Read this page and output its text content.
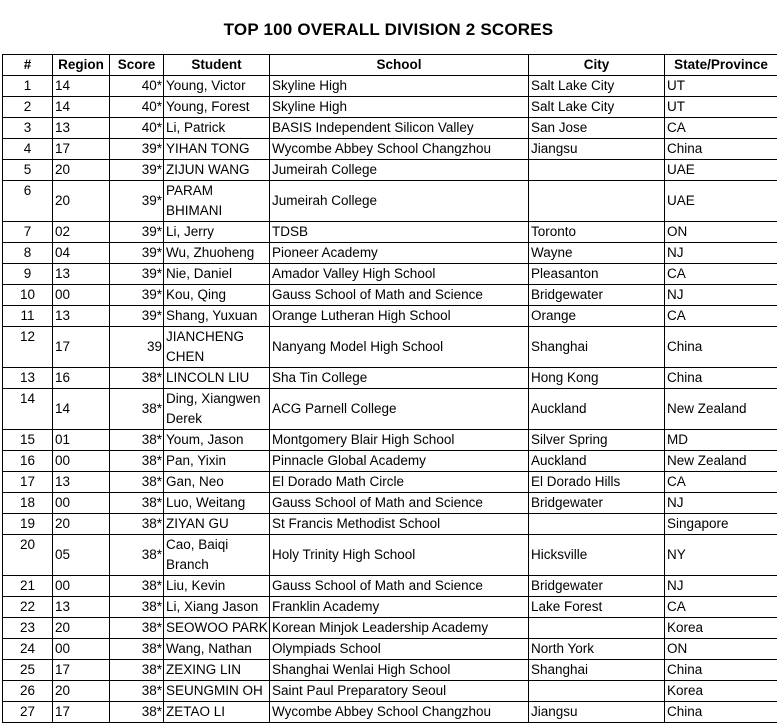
TOP 100 OVERALL DIVISION 2 SCORES
#	Region	Score	Student	School	City	State/Province
1	14	40*	Young, Victor	Skyline High	Salt Lake City	UT
2	14	40*	Young, Forest	Skyline High	Salt Lake City	UT
3	13	40*	Li, Patrick	BASIS Independent Silicon Valley	San Jose	CA
4	17	39*	YIHAN TONG	Wycombe Abbey School Changzhou	Jiangsu	China
5	20	39*	ZIJUN WANG	Jumeirah College		UAE
6	20	39*	PARAM BHIMANI	Jumeirah College		UAE
7	02	39*	Li, Jerry	TDSB	Toronto	ON
8	04	39*	Wu, Zhuoheng	Pioneer Academy	Wayne	NJ
9	13	39*	Nie, Daniel	Amador Valley High School	Pleasanton	CA
10	00	39*	Kou, Qing	Gauss School of Math and Science	Bridgewater	NJ
11	13	39*	Shang, Yuxuan	Orange Lutheran High School	Orange	CA
12	17	39	JIANCHENG CHEN	Nanyang Model High School	Shanghai	China
13	16	38*	LINCOLN LIU	Sha Tin College	Hong Kong	China
14	14	38*	Ding, Xiangwen Derek	ACG Parnell College	Auckland	New Zealand
15	01	38*	Youm, Jason	Montgomery Blair High School	Silver Spring	MD
16	00	38*	Pan, Yixin	Pinnacle Global Academy	Auckland	New Zealand
17	13	38*	Gan, Neo	El Dorado Math Circle	El Dorado Hills	CA
18	00	38*	Luo, Weitang	Gauss School of Math and Science	Bridgewater	NJ
19	20	38*	ZIYAN GU	St Francis Methodist School		Singapore
20	05	38*	Cao, Baiqi Branch	Holy Trinity High School	Hicksville	NY
21	00	38*	Liu, Kevin	Gauss School of Math and Science	Bridgewater	NJ
22	13	38*	Li, Xiang Jason	Franklin Academy	Lake Forest	CA
23	20	38*	SEOWOO PARK	Korean Minjok Leadership Academy		Korea
24	00	38*	Wang, Nathan	Olympiads School	North York	ON
25	17	38*	ZEXING LIN	Shanghai Wenlai High School	Shanghai	China
26	20	38*	SEUNGMIN OH	Saint Paul Preparatory Seoul		Korea
27	17	38*	ZETAO LI	Wycombe Abbey School Changzhou	Jiangsu	China
